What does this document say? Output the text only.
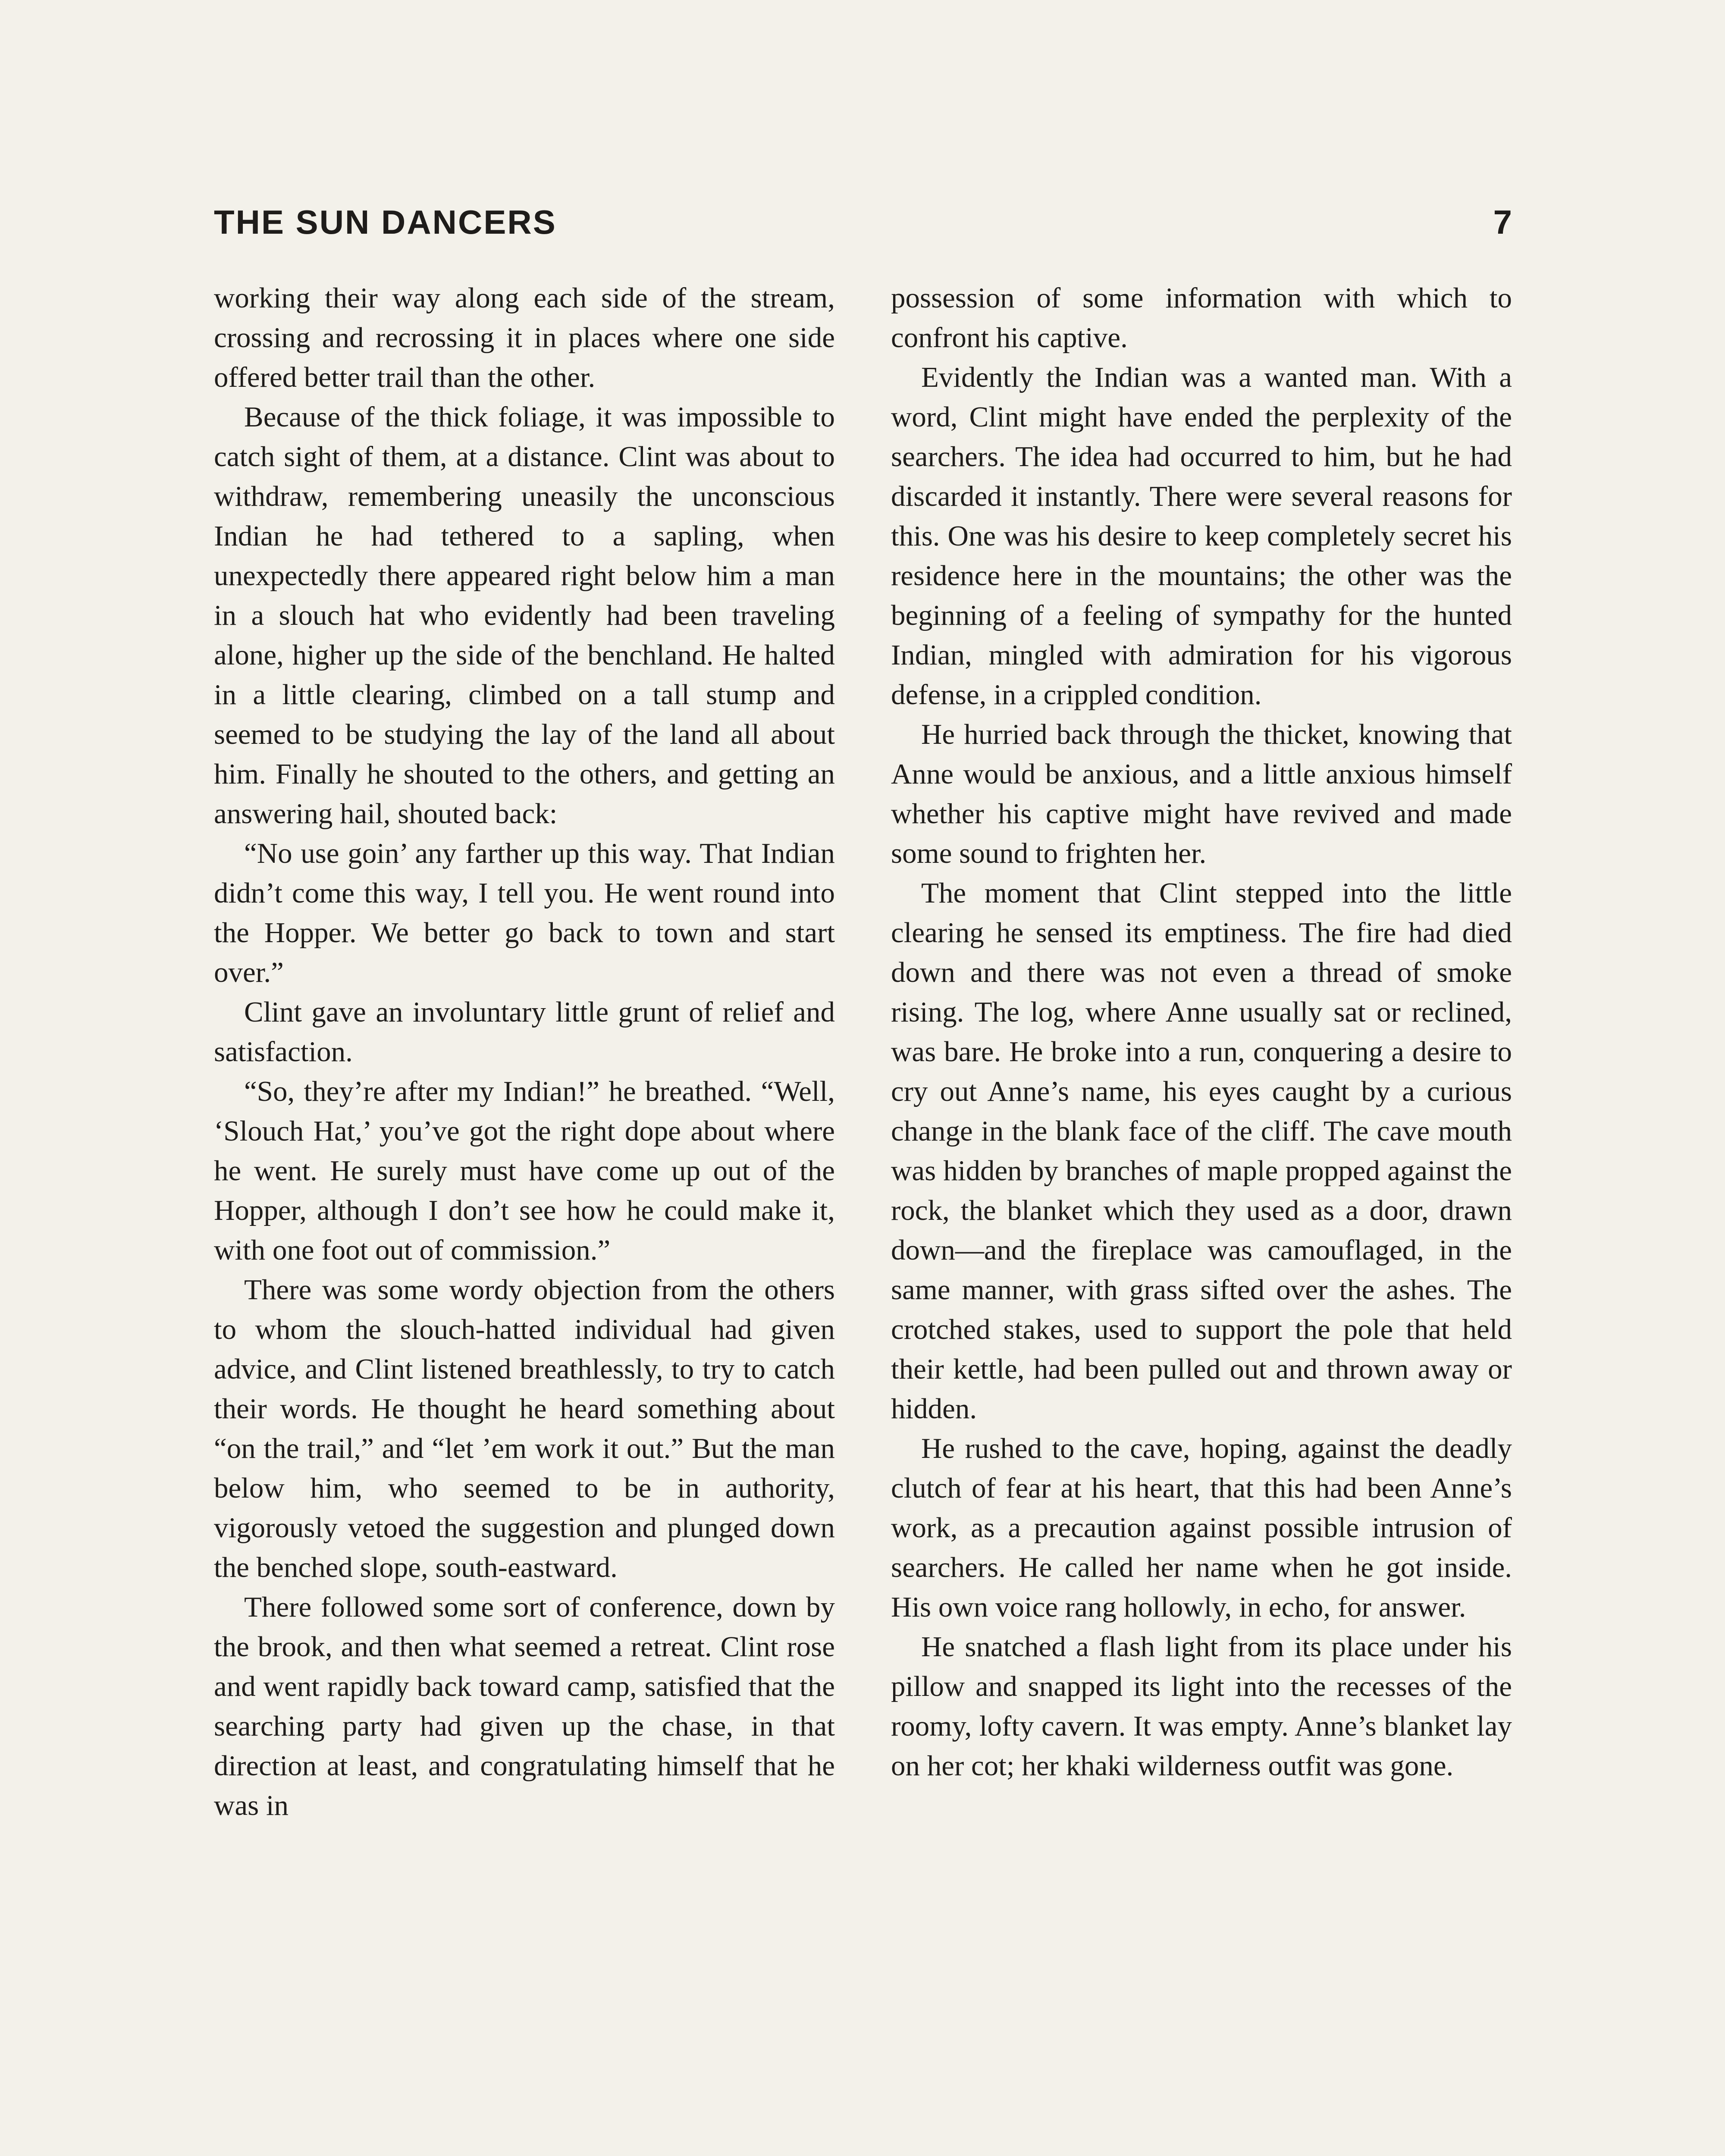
THE SUN DANCERS	7

working their way along each side of the stream, crossing and recrossing it in places where one side offered better trail than the other.

Because of the thick foliage, it was impossible to catch sight of them, at a distance. Clint was about to withdraw, remembering uneasily the unconscious Indian he had tethered to a sapling, when unexpectedly there appeared right below him a man in a slouch hat who evidently had been traveling alone, higher up the side of the benchland. He halted in a little clearing, climbed on a tall stump and seemed to be studying the lay of the land all about him. Finally he shouted to the others, and getting an answering hail, shouted back:

“No use goin’ any farther up this way. That Indian didn’t come this way, I tell you. He went round into the Hopper. We better go back to town and start over.”

Clint gave an involuntary little grunt of relief and satisfaction.

“So, they’re after my Indian!” he breathed. “Well, ‘Slouch Hat,’ you’ve got the right dope about where he went. He surely must have come up out of the Hopper, although I don’t see how he could make it, with one foot out of commission.”

There was some wordy objection from the others to whom the slouch-hatted individual had given advice, and Clint listened breathlessly, to try to catch their words. He thought he heard something about “on the trail,” and “let ’em work it out.” But the man below him, who seemed to be in authority, vigorously vetoed the suggestion and plunged down the benched slope, south-eastward.

There followed some sort of conference, down by the brook, and then what seemed a retreat. Clint rose and went rapidly back toward camp, satisfied that the searching party had given up the chase, in that direction at least, and congratulating himself that he was in

possession of some information with which to confront his captive.

Evidently the Indian was a wanted man. With a word, Clint might have ended the perplexity of the searchers. The idea had occurred to him, but he had discarded it instantly. There were several reasons for this. One was his desire to keep completely secret his residence here in the mountains; the other was the beginning of a feeling of sympathy for the hunted Indian, mingled with admiration for his vigorous defense, in a crippled condition.

He hurried back through the thicket, knowing that Anne would be anxious, and a little anxious himself whether his captive might have revived and made some sound to frighten her.

The moment that Clint stepped into the little clearing he sensed its emptiness. The fire had died down and there was not even a thread of smoke rising. The log, where Anne usually sat or reclined, was bare. He broke into a run, conquering a desire to cry out Anne’s name, his eyes caught by a curious change in the blank face of the cliff. The cave mouth was hidden by branches of maple propped against the rock, the blanket which they used as a door, drawn down—and the fireplace was camouflaged, in the same manner, with grass sifted over the ashes. The crotched stakes, used to support the pole that held their kettle, had been pulled out and thrown away or hidden.

He rushed to the cave, hoping, against the deadly clutch of fear at his heart, that this had been Anne’s work, as a precaution against possible intrusion of searchers. He called her name when he got inside. His own voice rang hollowly, in echo, for answer.

He snatched a flash light from its place under his pillow and snapped its light into the recesses of the roomy, lofty cavern. It was empty. Anne’s blanket lay on her cot; her khaki wilderness outfit was gone.
